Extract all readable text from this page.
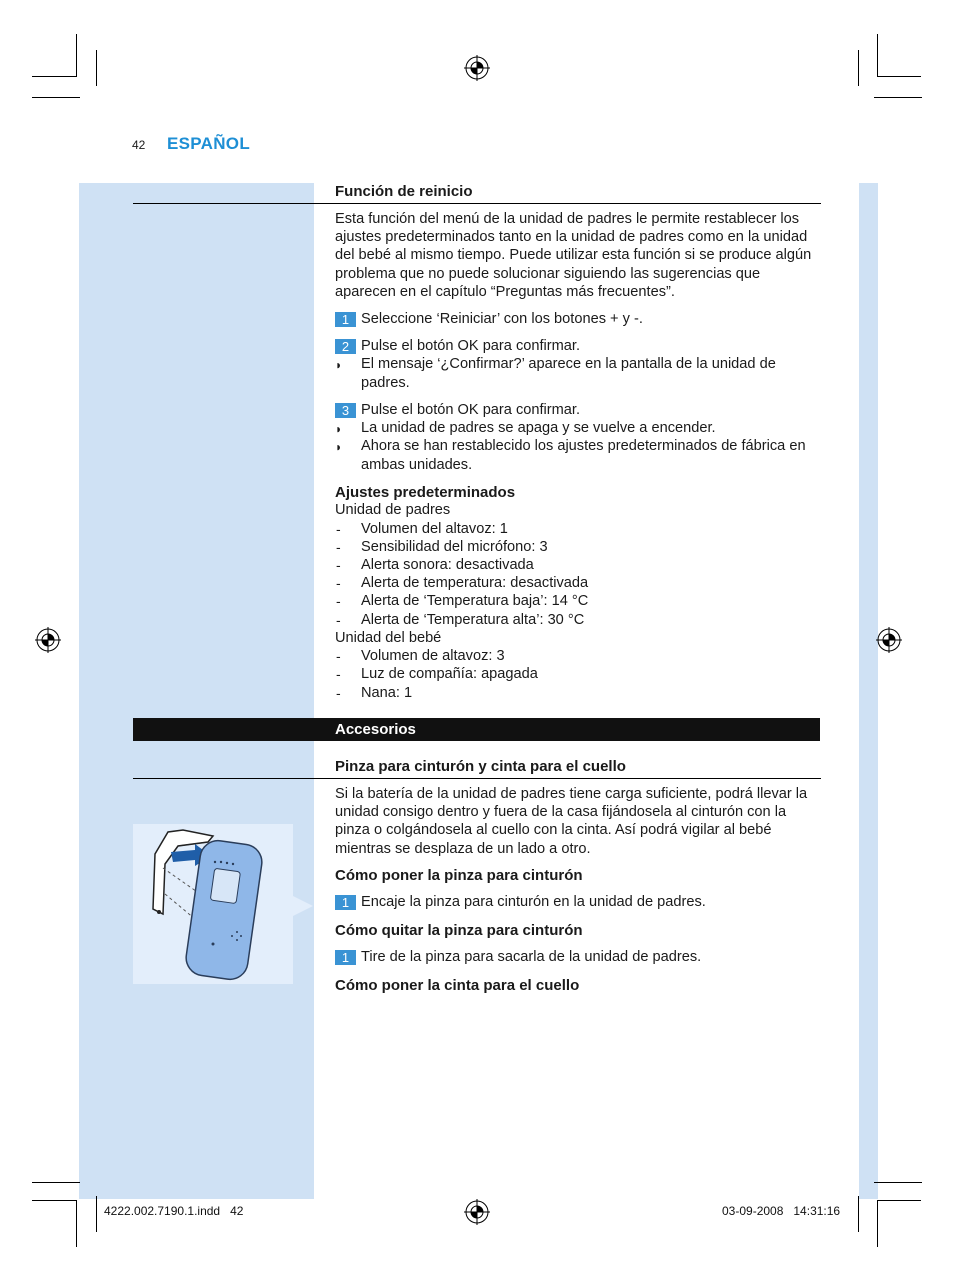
42 ESPAÑOL
Función de reinicio
Esta función del menú de la unidad de padres le permite restablecer los ajustes predeterminados tanto en la unidad de padres como en la unidad del bebé al mismo tiempo. Puede utilizar esta función si se produce algún problema que no puede solucionar siguiendo las sugerencias que aparecen en el capítulo “Preguntas más frecuentes”.
1 Seleccione ‘Reiniciar’ con los botones + y -.
2 Pulse el botón OK para confirmar.
◗ El mensaje ‘¿Confirmar?’ aparece en la pantalla de la unidad de
padres.
3 Pulse el botón OK para confirmar.
◗ La unidad de padres se apaga y se vuelve a encender.
◗ Ahora se han restablecido los ajustes predeterminados de fábrica en
ambas unidades.
Ajustes predeterminados
Unidad de padres
- Volumen del altavoz: 1
- Sensibilidad del micrófono: 3
- Alerta sonora: desactivada
- Alerta de temperatura: desactivada
- Alerta de ‘Temperatura baja’: 14 °C
- Alerta de ‘Temperatura alta’: 30 °C
Unidad del bebé
- Volumen de altavoz: 3
- Luz de compañía: apagada
- Nana: 1
Accesorios
Pinza para cinturón y cinta para el cuello
Si la batería de la unidad de padres tiene carga suficiente, podrá llevar la unidad consigo dentro y fuera de la casa fijándosela al cinturón con la pinza o colgándosela al cuello con la cinta. Así podrá vigilar al bebé mientras se desplaza de un lado a otro.
Cómo poner la pinza para cinturón
1 Encaje la pinza para cinturón en la unidad de padres.
Cómo quitar la pinza para cinturón
1 Tire de la pinza para sacarla de la unidad de padres.
Cómo poner la cinta para el cuello
4222.002.7190.1.indd   42	03-09-2008   14:31:16
